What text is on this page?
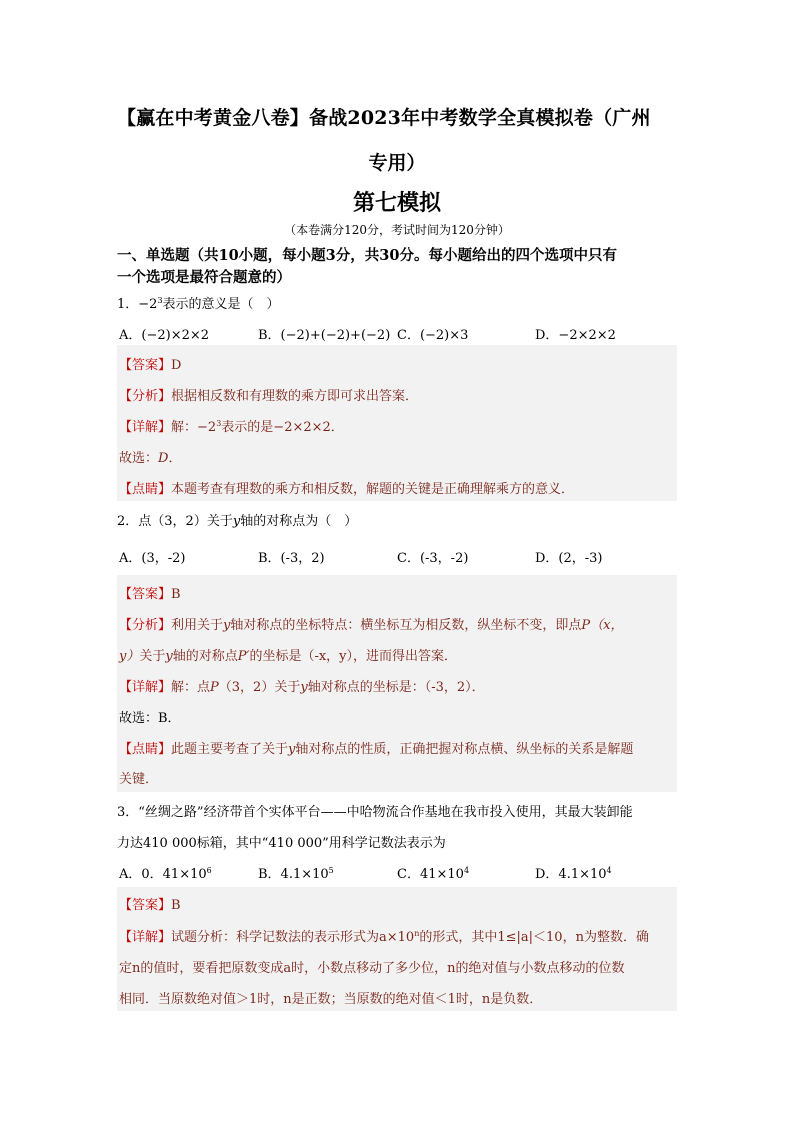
【赢在中考黄金八卷】备战2023年中考数学全真模拟卷（广州
专用）
第七模拟
（本卷满分120分，考试时间为120分钟）
一、单选题（共10小题，每小题3分，共30分。每小题给出的四个选项中只有
一个选项是最符合题意的）
1．$-2^3$表示的意义是（　）
A．(−2)×2×2	B．(−2)+(−2)+(−2) C．(−2)×3	D．−2×2×2
【答案】D
【分析】根据相反数和有理数的乘方即可求出答案．
【详解】解：$-2^3$表示的是−2×2×2．
故选：D．
【点睛】本题考查有理数的乘方和相反数，解题的关键是正确理解乘方的意义．
2．点（3，2）关于y轴的对称点为（　）
A．(3，-2)	B．(-3，2)	C．(-3，-2)	D．(2，-3)
【答案】B
【分析】利用关于y轴对称点的坐标特点：横坐标互为相反数，纵坐标不变，即点P（x，
y）关于y轴的对称点P′的坐标是（-x，y），进而得出答案．
【详解】解：点P（3，2）关于y轴对称点的坐标是：（-3，2）．
故选：B．
【点睛】此题主要考查了关于y轴对称点的性质，正确把握对称点横、纵坐标的关系是解题
关键．
3．“丝绸之路”经济带首个实体平台——中哈物流合作基地在我市投入使用，其最大装卸能
力达410 000标箱，其中“410 000”用科学记数法表示为
A．0．$41\times 10^6$	B．$4.1\times 10^5$	C．$41\times 10^4$	D．$4.1\times 10^4$
【答案】B
【详解】试题分析：科学记数法的表示形式为$a\times 10^n$的形式，其中1≤|a|＜10，n为整数．确
定n的值时，要看把原数变成a时，小数点移动了多少位，n的绝对值与小数点移动的位数
相同．当原数绝对值＞1时，n是正数；当原数的绝对值＜1时，n是负数．
